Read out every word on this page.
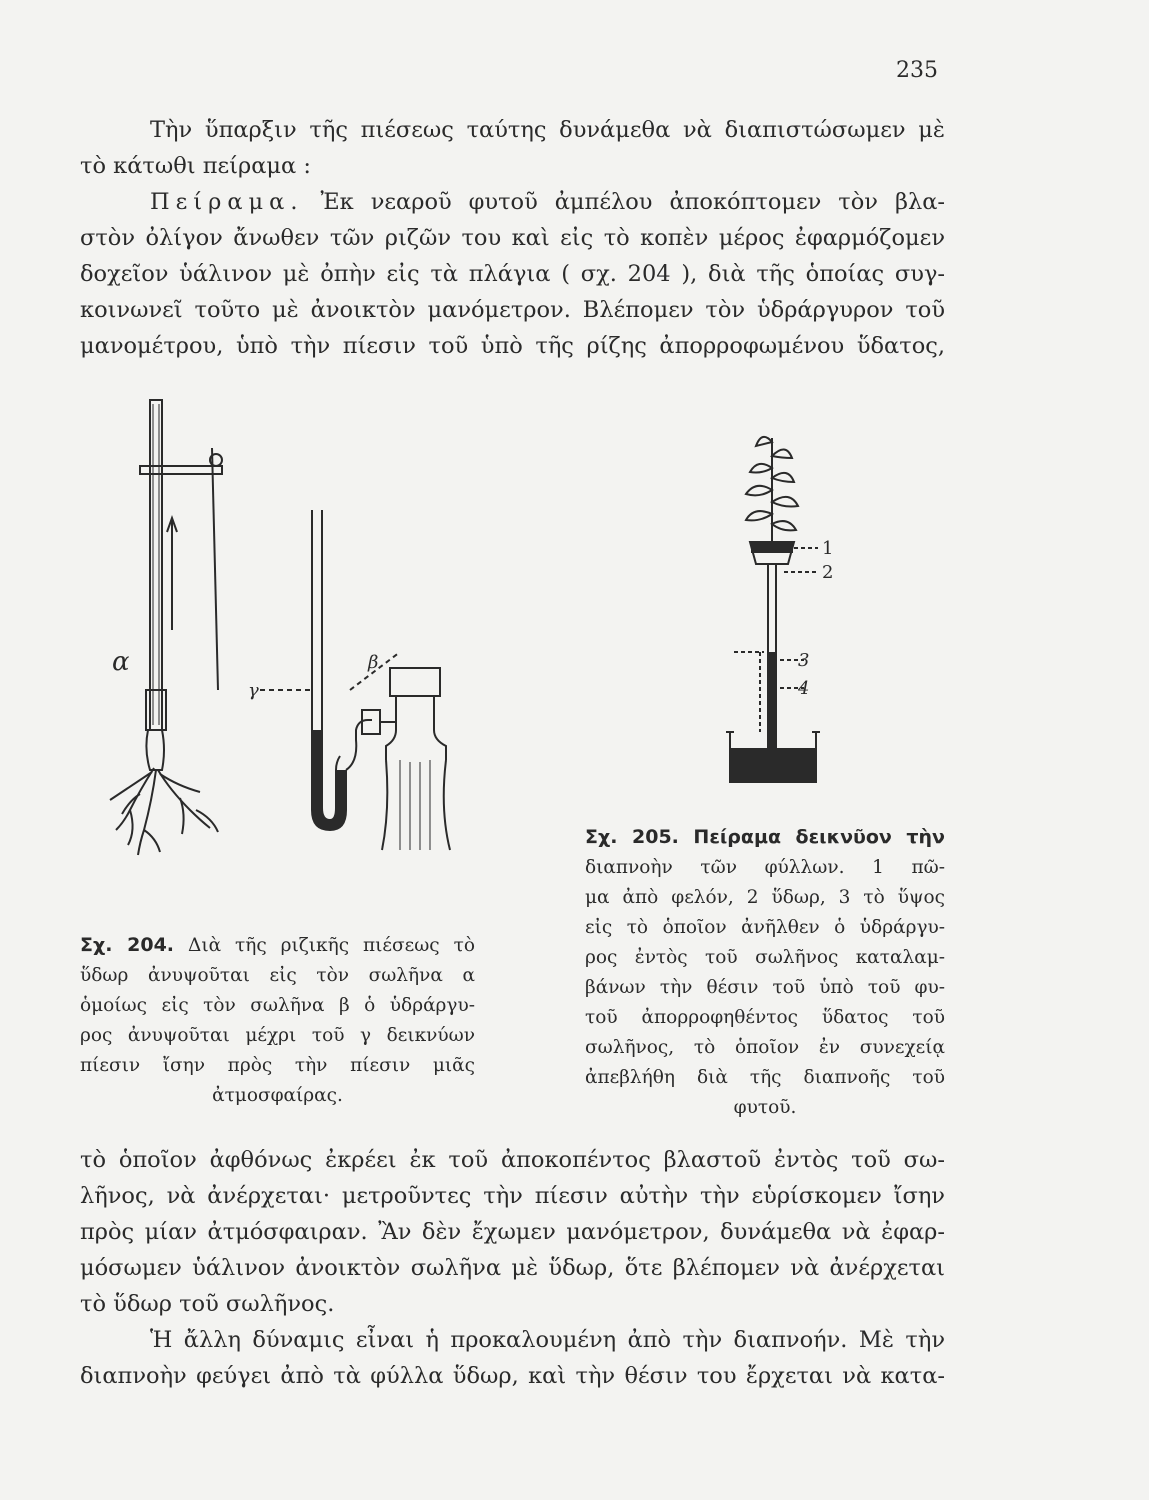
235

Τὴν ὕπαρξιν τῆς πιέσεως ταύτης δυνάμεθα νὰ διαπιστώσωμεν μὲ
τὸ κάτωθι πείραμα :

Πείραμα. Ἐκ νεαροῦ φυτοῦ ἀμπέλου ἀποκόπτομεν τὸν βλα-
στὸν ὀλίγον ἄνωθεν τῶν ριζῶν του καὶ εἰς τὸ κοπὲν μέρος ἐφαρμόζομεν
δοχεῖον ὑάλινον μὲ ὀπὴν εἰς τὰ πλάγια ( σχ. 204 ), διὰ τῆς ὁποίας συγ-
κοινωνεῖ τοῦτο μὲ ἀνοικτὸν μανόμετρον. Βλέπομεν τὸν ὑδράργυρον τοῦ
μανομέτρου, ὑπὸ τὴν πίεσιν τοῦ ὑπὸ τῆς ρίζης ἀπορροφωμένου ὕδατος,

α	β
γ
1
2
3
4

Σχ. 204. Διὰ τῆς ριζικῆς πιέσεως τὸ
ὕδωρ ἀνυψοῦται εἰς τὸν σωλῆνα α
ὁμοίως εἰς τὸν σωλῆνα β ὁ ὑδράργυ-
ρος ἀνυψοῦται μέχρι τοῦ γ δεικνύων
πίεσιν ἴσην πρὸς τὴν πίεσιν μιᾶς
ἀτμοσφαίρας.

Σχ. 205. Πείραμα δεικνῦον τὴν
διαπνοὴν τῶν φύλλων. 1 πῶ-
μα ἀπὸ φελόν, 2 ὕδωρ, 3 τὸ ὕψος
εἰς τὸ ὁποῖον ἀνῆλθεν ὁ ὑδράργυ-
ρος ἐντὸς τοῦ σωλῆνος καταλαμ-
βάνων τὴν θέσιν τοῦ ὑπὸ τοῦ φυ-
τοῦ ἀπορροφηθέντος ὕδατος τοῦ
σωλῆνος, τὸ ὁποῖον ἐν συνεχείᾳ
ἀπεβλήθη διὰ τῆς διαπνοῆς τοῦ
φυτοῦ.

τὸ ὁποῖον ἀφθόνως ἐκρέει ἐκ τοῦ ἀποκοπέντος βλαστοῦ ἐντὸς τοῦ σω-
λῆνος, νὰ ἀνέρχεται· μετροῦντες τὴν πίεσιν αὐτὴν τὴν εὑρίσκομεν ἴσην
πρὸς μίαν ἀτμόσφαιραν. Ἂν δὲν ἔχωμεν μανόμετρον, δυνάμεθα νὰ ἐφαρ-
μόσωμεν ὑάλινον ἀνοικτὸν σωλῆνα μὲ ὕδωρ, ὅτε βλέπομεν νὰ ἀνέρχεται
τὸ ὕδωρ τοῦ σωλῆνος.

Ἡ ἄλλη δύναμις εἶναι ἡ προκαλουμένη ἀπὸ τὴν διαπνοήν. Μὲ τὴν
διαπνοὴν φεύγει ἀπὸ τὰ φύλλα ὕδωρ, καὶ τὴν θέσιν του ἔρχεται νὰ κατα-
